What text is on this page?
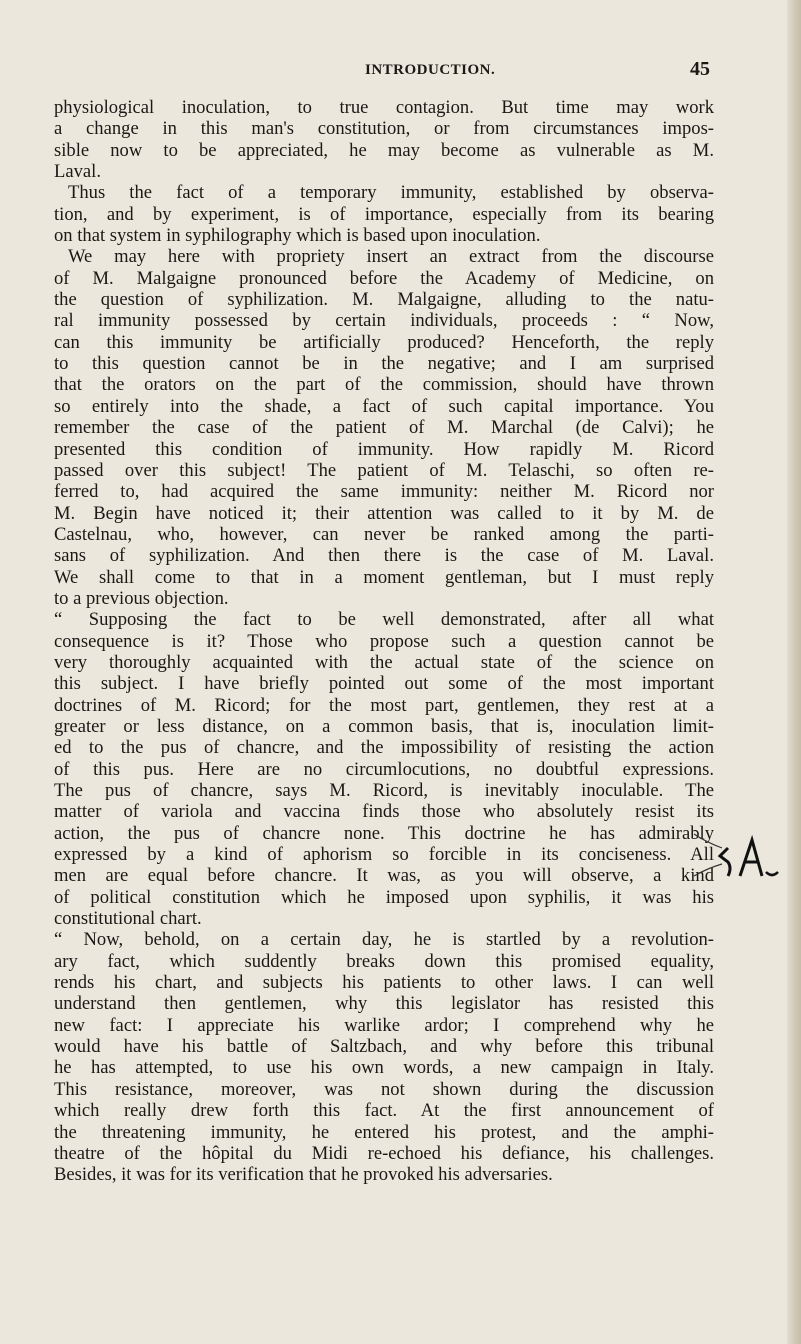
INTRODUCTION.	45
physiological inoculation, to true contagion. But time may work
a change in this man's constitution, or from circumstances impos-
sible now to be appreciated, he may become as vulnerable as M.
Laval.
Thus the fact of a temporary immunity, established by observa-
tion, and by experiment, is of importance, especially from its bearing
on that system in syphilography which is based upon inoculation.
We may here with propriety insert an extract from the discourse
of M. Malgaigne pronounced before the Academy of Medicine, on
the question of syphilization. M. Malgaigne, alluding to the natu-
ral immunity possessed by certain individuals, proceeds : “ Now,
can this immunity be artificially produced? Henceforth, the reply
to this question cannot be in the negative; and I am surprised
that the orators on the part of the commission, should have thrown
so entirely into the shade, a fact of such capital importance. You
remember the case of the patient of M. Marchal (de Calvi); he
presented this condition of immunity. How rapidly M. Ricord
passed over this subject! The patient of M. Telaschi, so often re-
ferred to, had acquired the same immunity: neither M. Ricord nor
M. Begin have noticed it; their attention was called to it by M. de
Castelnau, who, however, can never be ranked among the parti-
sans of syphilization. And then there is the case of M. Laval.
We shall come to that in a moment gentleman, but I must reply
to a previous objection.
“ Supposing the fact to be well demonstrated, after all what
consequence is it? Those who propose such a question cannot be
very thoroughly acquainted with the actual state of the science on
this subject. I have briefly pointed out some of the most important
doctrines of M. Ricord; for the most part, gentlemen, they rest at a
greater or less distance, on a common basis, that is, inoculation limit-
ed to the pus of chancre, and the impossibility of resisting the action
of this pus. Here are no circumlocutions, no doubtful expressions.
The pus of chancre, says M. Ricord, is inevitably inoculable. The
matter of variola and vaccina finds those who absolutely resist its
action, the pus of chancre none. This doctrine he has admirably
expressed by a kind of aphorism so forcible in its conciseness. All
men are equal before chancre. It was, as you will observe, a kind
of political constitution which he imposed upon syphilis, it was his
constitutional chart.
“ Now, behold, on a certain day, he is startled by a revolution-
ary fact, which suddently breaks down this promised equality,
rends his chart, and subjects his patients to other laws. I can well
understand then gentlemen, why this legislator has resisted this
new fact: I appreciate his warlike ardor; I comprehend why he
would have his battle of Saltzbach, and why before this tribunal
he has attempted, to use his own words, a new campaign in Italy.
This resistance, moreover, was not shown during the discussion
which really drew forth this fact. At the first announcement of
the threatening immunity, he entered his protest, and the amphi-
theatre of the hôpital du Midi re-echoed his defiance, his challenges.
Besides, it was for its verification that he provoked his adversaries.
